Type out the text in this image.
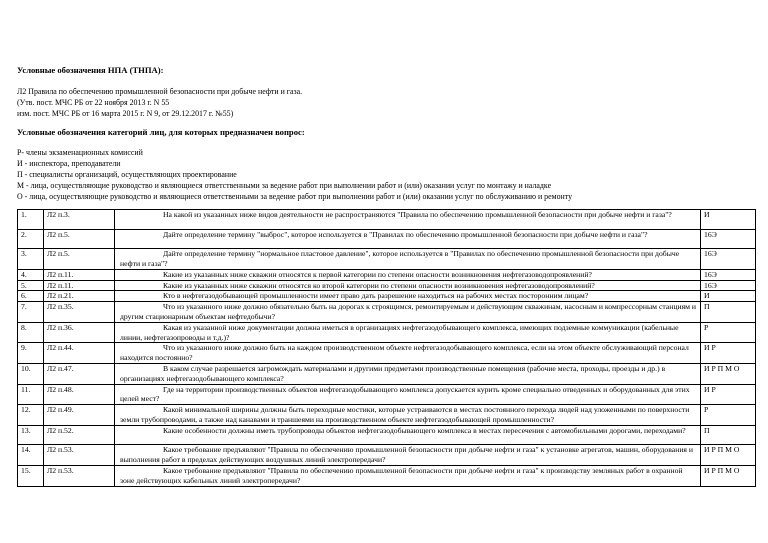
Условные обозначения НПА (ТНПА):
Л2 Правила по обеспечению промышленной безопасности при добыче нефти и газа.
(Утв. пост. МЧС РБ от 22 ноября 2013 г. N 55
изм. пост. МЧС РБ от 16 марта 2015 г. N 9, от 29.12.2017 г. №55)
Условные обозначения категорий лиц, для которых предназначен вопрос:
Р- члены экзаменационных комиссий
И - инспектора, преподаватели
П - специалисты организаций, осуществляющих проектирование
М - лица, осуществляющие руководство и являющиеся ответственными за ведение работ при выполнении работ и (или) оказании услуг по монтажу и наладке
О - лица, осуществляющие руководство и являющиеся ответственными за ведение работ при выполнении работ и (или) оказании услуг по обслуживанию и ремонту
1.	Л2 п.3.	На какой из указанных ниже видов деятельности не распространяются "Правила по обеспечению промышленной безопасности при добыче нефти и газа"?	И
2.	Л2 п.5.	Дайте определение термину "выброс", которое используется в "Правилах по обеспечению промышленной безопасности при добыче нефти и газа"?	16Э
3.	Л2 п.5.	Дайте определение термину "нормальное пластовое давление", которое используется в "Правилах по обеспечению промышленной безопасности при добыче нефти и газа"?	16Э
4.	Л2 п.11.	Какие из указанных ниже скважин относятся к первой категории по степени опасности возникновения нефтегазоводопроявлений?	16Э
5.	Л2 п.11.	Какие из указанных ниже скважин относятся ко второй категории по степени опасности возникновения нефтегазоводопроявлений?	16Э
6.	Л2 п.21.	Кто в нефтегазодобывающей промышленности имеет право дать разрешение находиться на рабочих местах посторонним лицам?	И
7.	Л2 п.35.	Что из указанного ниже должно обязательно быть на дорогах к строящимся, ремонтируемым и действующим скважинам, насосным и компрессорным станциям и другим стационарным объектам нефтедобычи?	П
8.	Л2 п.36.	Какая из указанной ниже документации должна иметься в организациях нефтегазодобывающего комплекса, имеющих подземные коммуникации (кабельные линии, нефтегазопроводы и т.д.)?	Р
9.	Л2 п.44.	Что из указанного ниже должно быть на каждом производственном объекте нефтегазодобывающего комплекса, если на этом объекте обслуживающий персонал находится постоянно?	И Р
10.	Л2 п.47.	В каком случае разрешается загромождать материалами и другими предметами производственные помещения (рабочие места, проходы, проезды и др.) в организациях нефтегазодобывающего комплекса?	И Р П М О
11.	Л2 п.48.	Где на территории производственных объектов нефтегазодобывающего комплекса допускается курить кроме специально отведенных и оборудованных для этих целей мест?	И Р
12.	Л2 п.49.	Какой минимальной ширины должны быть переходные мостики, которые устраиваются в местах постоянного перехода людей над уложенными по поверхности земли трубопроводами, а также над канавами и траншеями на производственном объекте нефтегазодобывающей промышленности?	Р
13.	Л2 п.52.	Какие особенности должны иметь трубопроводы объектов нефтегазодобывающего комплекса в местах пересечения с автомобильными дорогами, переходами?	П
14.	Л2 п.53.	Какое требование предъявляют "Правила по обеспечению промышленной безопасности при добыче нефти и газа" к установке агрегатов, машин, оборудования и выполнения работ в пределах действующих воздушных линий электропередачи?	И Р П М О
15.	Л2 п.53.	Какое требование предъявляют "Правила по обеспечению промышленной безопасности при добыче нефти и газа" к производству земляных работ в охранной зоне действующих кабельных линий электропередачи?	И Р П М О
